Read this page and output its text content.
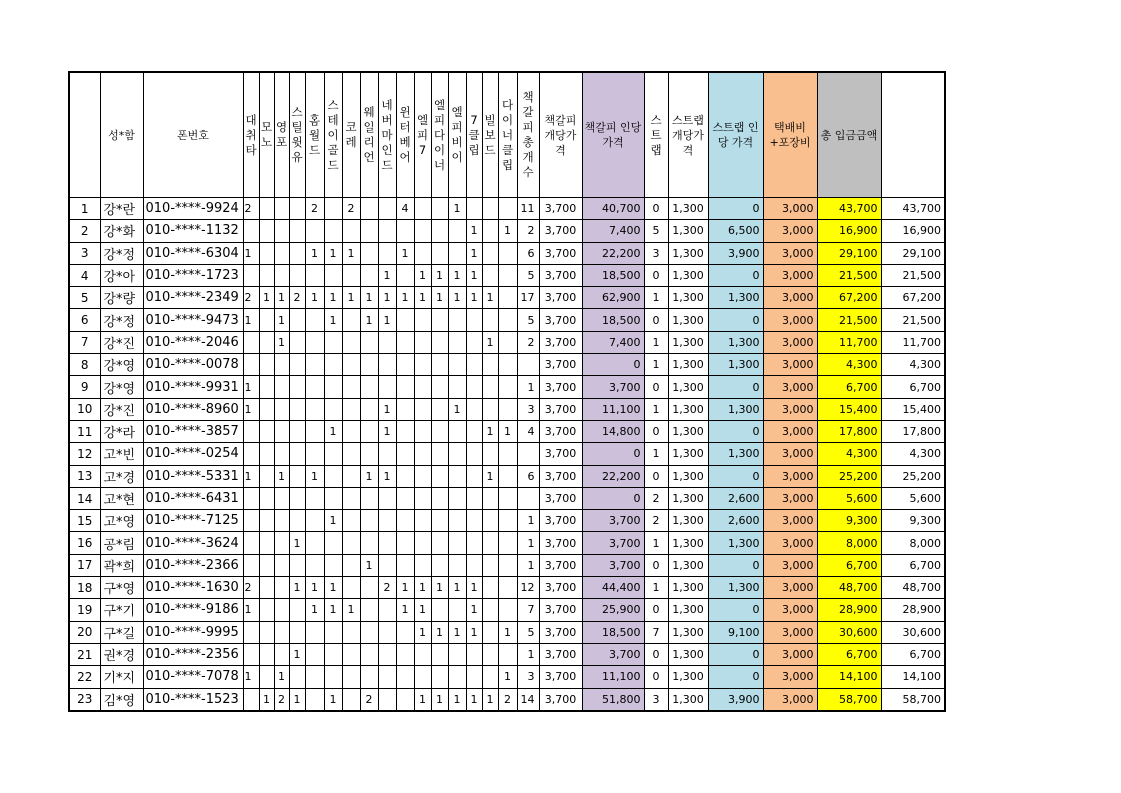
	성*함	폰번호	대취타	모노	영포	스틸윗유	홈월드	스테이골드	코레	웨일리언	네버마인드	윈터베어	엘피7	엘피다이너	엘피비이	7클립	빌보드	다이너클립	책갈피총개수	책갈피개당가격	책갈피 인당 가격	스트랩	스트랩개당가격	스트랩 인당 가격	택배비+포장비	총 입금금액	
1	강*란	010-****-9924	2				2		2			4			1				11	3,700	40,700	0	1,300	0	3,000	43,700	43,700
2	강*화	010-****-1132														1		1	2	3,700	7,400	5	1,300	6,500	3,000	16,900	16,900
3	강*정	010-****-6304	1				1	1	1			1				1			6	3,700	22,200	3	1,300	3,900	3,000	29,100	29,100
4	강*아	010-****-1723									1		1	1	1	1			5	3,700	18,500	0	1,300	0	3,000	21,500	21,500
5	강*량	010-****-2349	2	1	1	2	1	1	1	1	1	1	1	1	1	1	1		17	3,700	62,900	1	1,300	1,300	3,000	67,200	67,200
6	강*정	010-****-9473	1		1			1		1	1								5	3,700	18,500	0	1,300	0	3,000	21,500	21,500
7	강*진	010-****-2046			1												1		2	3,700	7,400	1	1,300	1,300	3,000	11,700	11,700
8	강*영	010-****-0078																		3,700	0	1	1,300	1,300	3,000	4,300	4,300
9	강*영	010-****-9931	1																1	3,700	3,700	0	1,300	0	3,000	6,700	6,700
10	강*진	010-****-8960	1								1				1				3	3,700	11,100	1	1,300	1,300	3,000	15,400	15,400
11	강*라	010-****-3857						1			1						1	1	4	3,700	14,800	0	1,300	0	3,000	17,800	17,800
12	고*빈	010-****-0254																		3,700	0	1	1,300	1,300	3,000	4,300	4,300
13	고*경	010-****-5331	1		1		1			1	1						1		6	3,700	22,200	0	1,300	0	3,000	25,200	25,200
14	고*현	010-****-6431																		3,700	0	2	1,300	2,600	3,000	5,600	5,600
15	고*영	010-****-7125						1											1	3,700	3,700	2	1,300	2,600	3,000	9,300	9,300
16	공*림	010-****-3624				1													1	3,700	3,700	1	1,300	1,300	3,000	8,000	8,000
17	곽*희	010-****-2366								1									1	3,700	3,700	0	1,300	0	3,000	6,700	6,700
18	구*영	010-****-1630	2			1	1	1			2	1	1	1	1	1			12	3,700	44,400	1	1,300	1,300	3,000	48,700	48,700
19	구*기	010-****-9186	1				1	1	1			1	1			1			7	3,700	25,900	0	1,300	0	3,000	28,900	28,900
20	구*길	010-****-9995											1	1	1	1		1	5	3,700	18,500	7	1,300	9,100	3,000	30,600	30,600
21	권*경	010-****-2356				1													1	3,700	3,700	0	1,300	0	3,000	6,700	6,700
22	기*지	010-****-7078	1		1													1	3	3,700	11,100	0	1,300	0	3,000	14,100	14,100
23	김*영	010-****-1523		1	2	1		1		2			1	1	1	1	1	2	14	3,700	51,800	3	1,300	3,900	3,000	58,700	58,700
